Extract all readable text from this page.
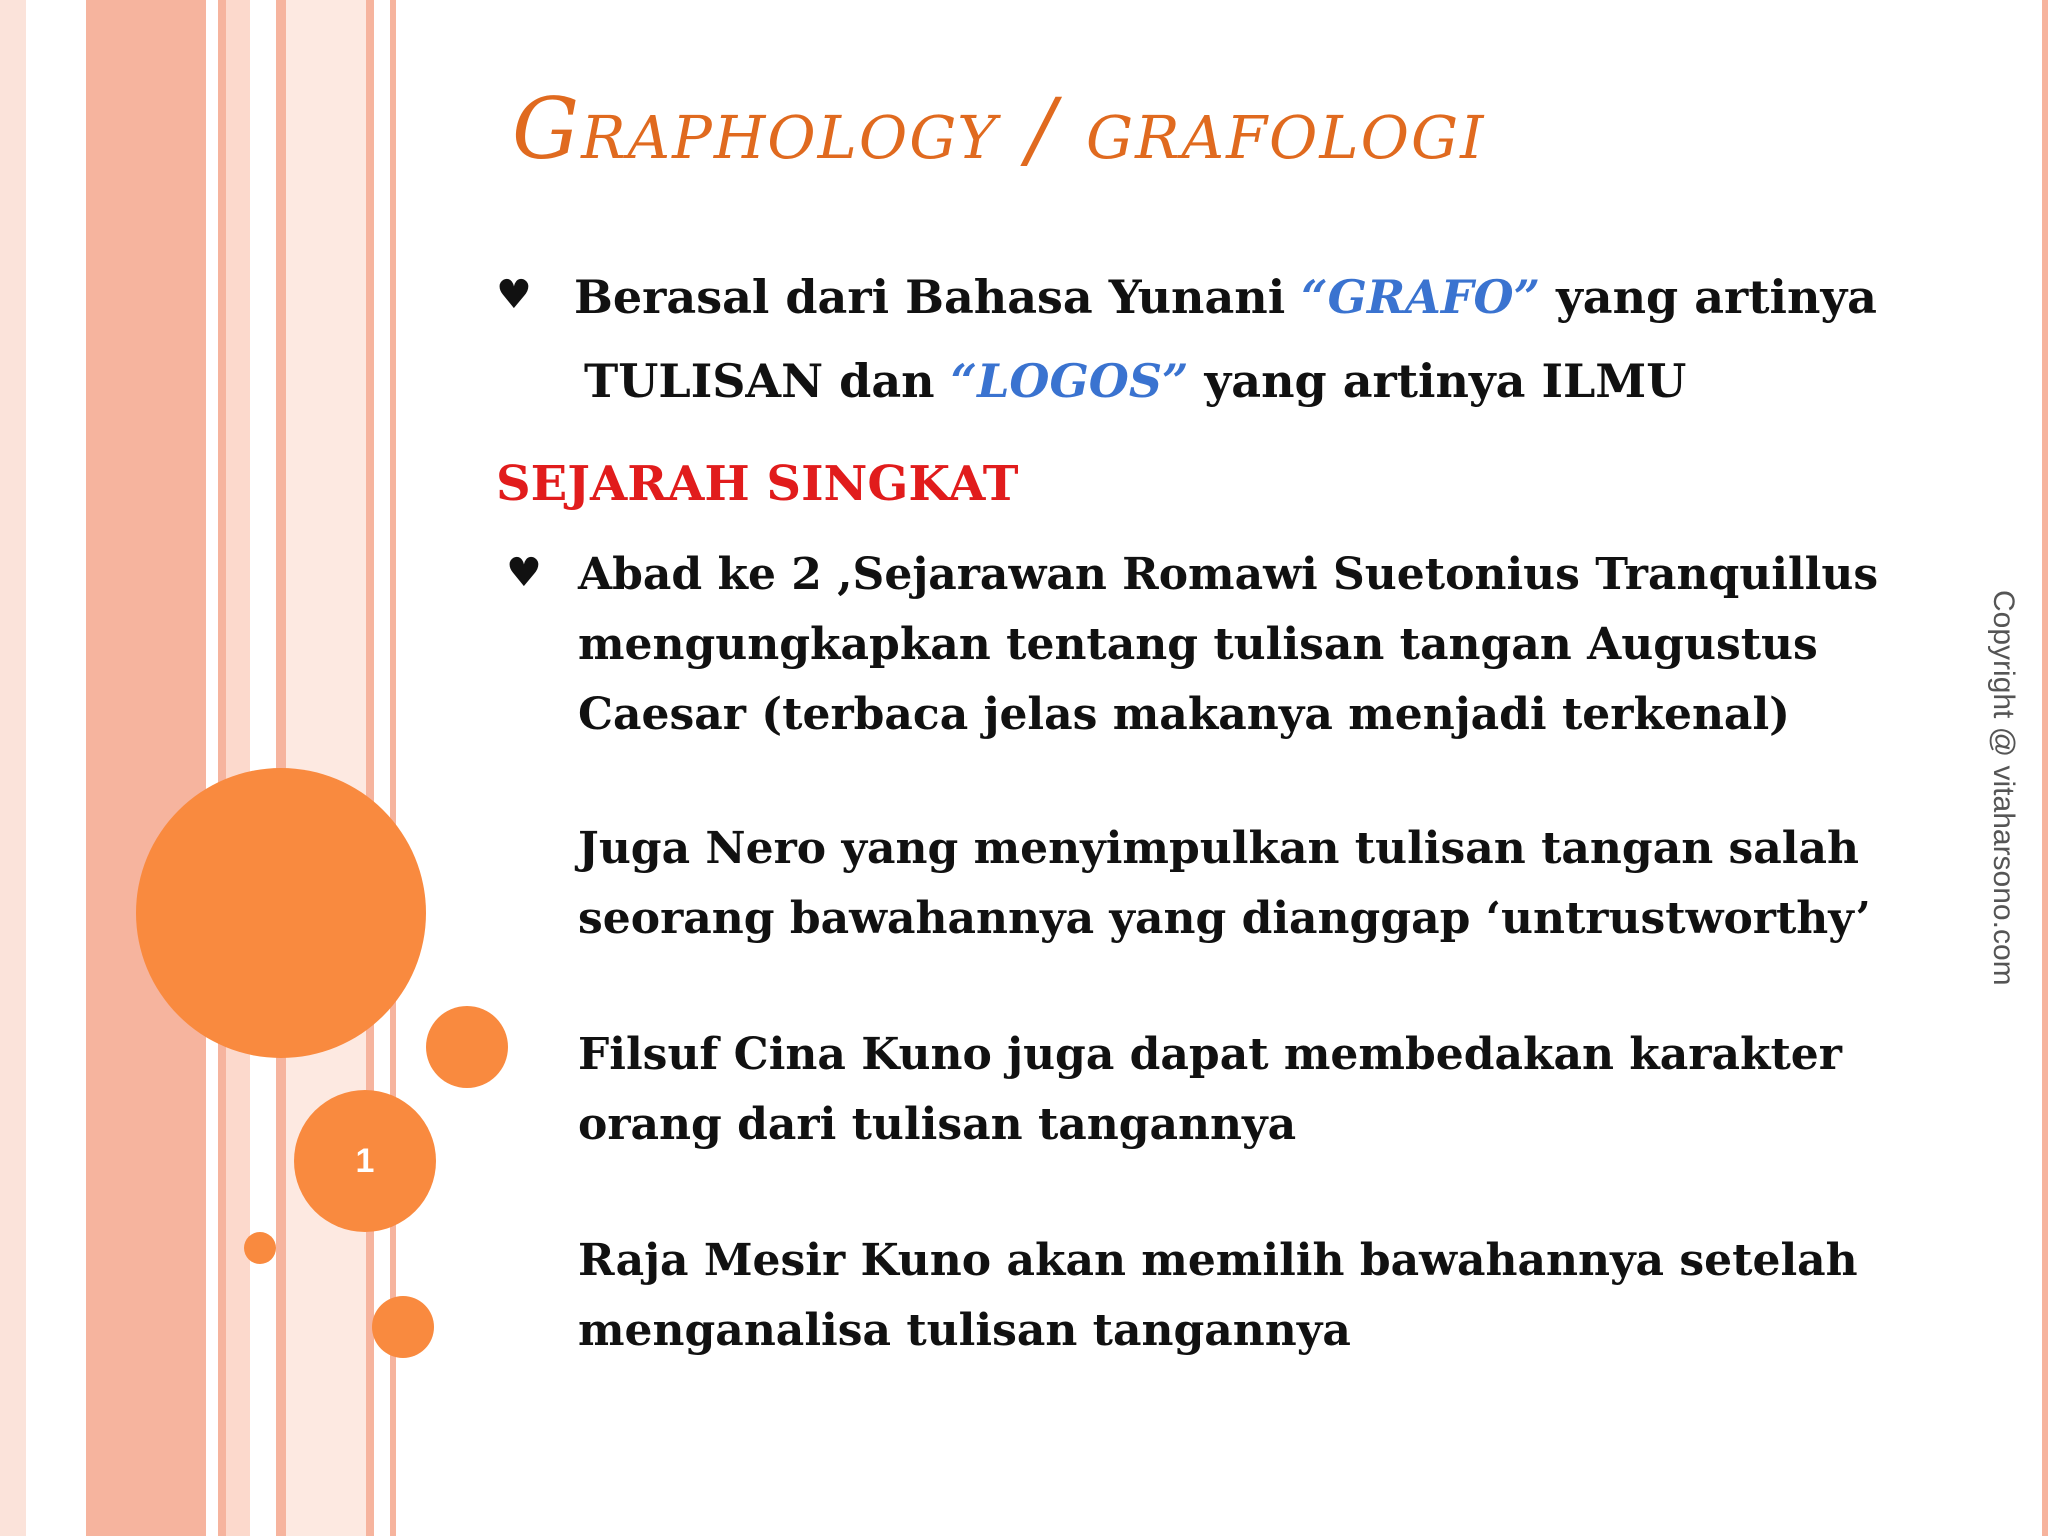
1
Graphology / grafologi
♥ Berasal dari Bahasa Yunani “GRAFO” yang artinya
TULISAN dan “LOGOS” yang artinya ILMU
SEJARAH SINGKAT
♥ Abad ke 2 ,Sejarawan Romawi Suetonius Tranquillus
mengungkapkan tentang tulisan tangan Augustus
Caesar (terbaca jelas makanya menjadi terkenal)
Juga Nero yang menyimpulkan tulisan tangan salah
seorang bawahannya yang dianggap ‘untrustworthy’
Filsuf Cina Kuno juga dapat membedakan karakter
orang dari tulisan tangannya
Raja Mesir Kuno akan memilih bawahannya setelah
menganalisa tulisan tangannya
Copyright @ vitaharsono.com
